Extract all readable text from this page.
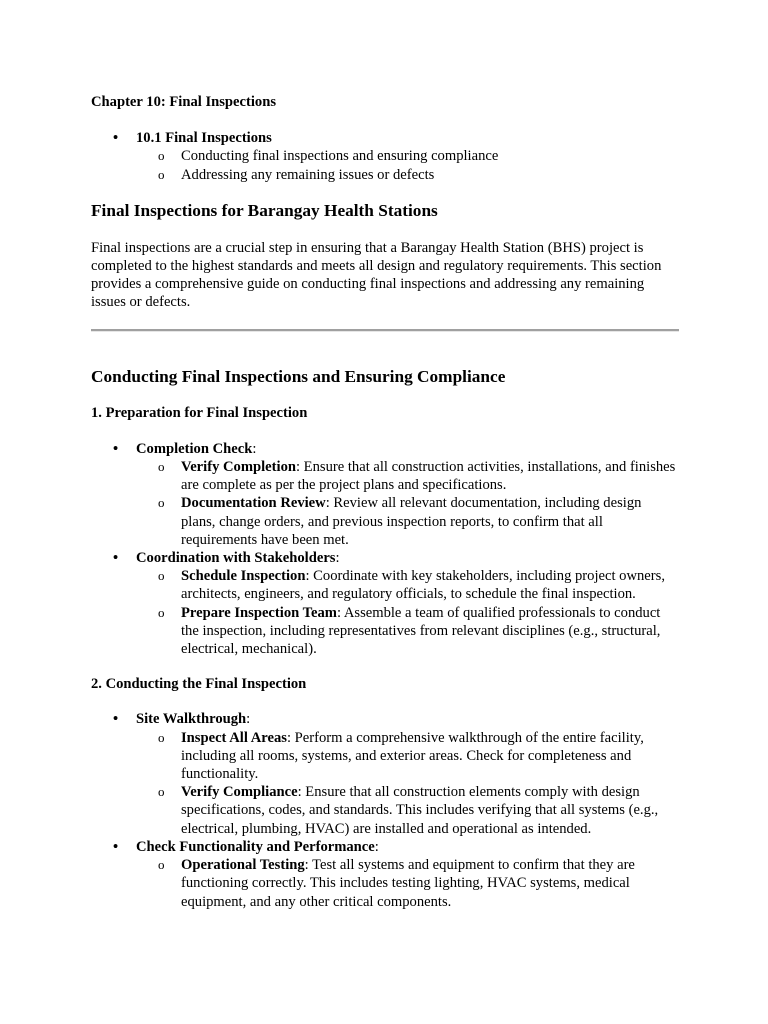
Chapter 10: Final Inspections

• 10.1 Final Inspections
o Conducting final inspections and ensuring compliance
o Addressing any remaining issues or defects
Final Inspections for Barangay Health Stations

Final inspections are a crucial step in ensuring that a Barangay Health Station (BHS) project is completed to the highest standards and meets all design and regulatory requirements. This section provides a comprehensive guide on conducting final inspections and addressing any remaining issues or defects.

Conducting Final Inspections and Ensuring Compliance
1. Preparation for Final Inspection
• Completion Check:
o Verify Completion: Ensure that all construction activities, installations, and finishes are complete as per the project plans and specifications.
o Documentation Review: Review all relevant documentation, including design plans, change orders, and previous inspection reports, to confirm that all requirements have been met.
• Coordination with Stakeholders:
o Schedule Inspection: Coordinate with key stakeholders, including project owners, architects, engineers, and regulatory officials, to schedule the final inspection.
o Prepare Inspection Team: Assemble a team of qualified professionals to conduct the inspection, including representatives from relevant disciplines (e.g., structural, electrical, mechanical).
2. Conducting the Final Inspection
• Site Walkthrough:
o Inspect All Areas: Perform a comprehensive walkthrough of the entire facility, including all rooms, systems, and exterior areas. Check for completeness and functionality.
o Verify Compliance: Ensure that all construction elements comply with design specifications, codes, and standards. This includes verifying that all systems (e.g., electrical, plumbing, HVAC) are installed and operational as intended.
• Check Functionality and Performance:
o Operational Testing: Test all systems and equipment to confirm that they are functioning correctly. This includes testing lighting, HVAC systems, medical equipment, and any other critical components.
